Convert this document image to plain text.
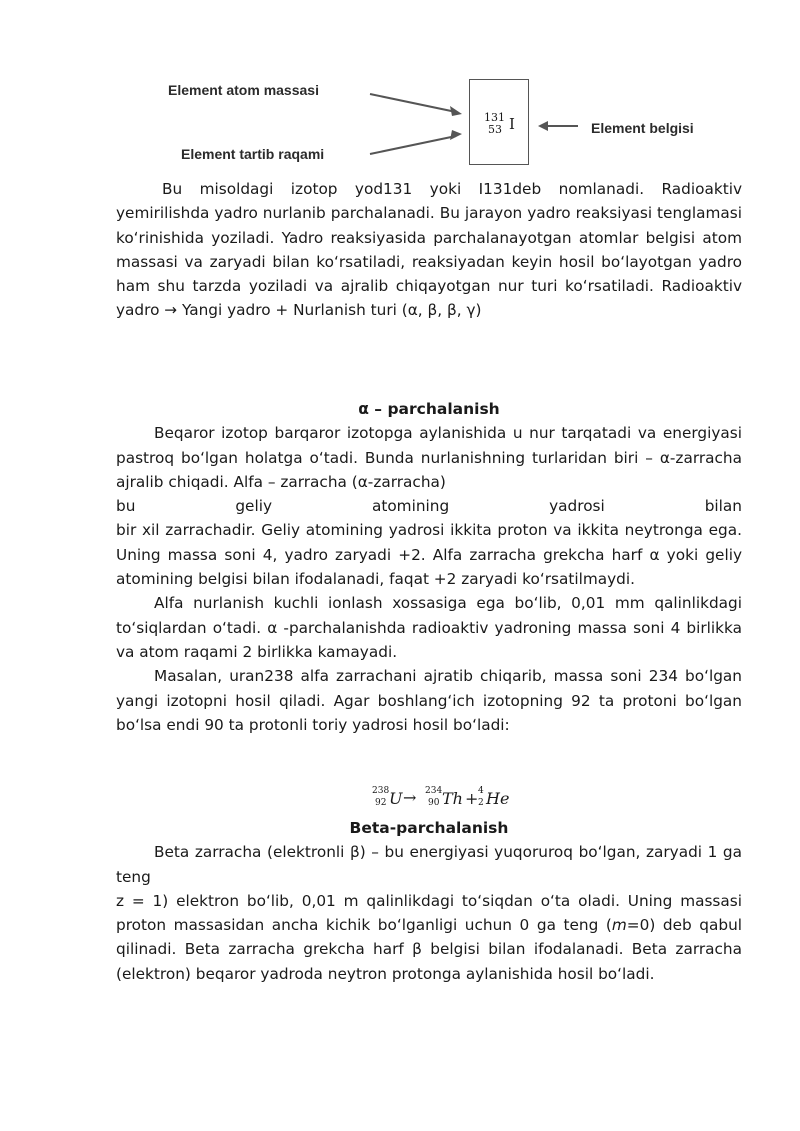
Element atom massasi
Element tartib raqami
Element belgisi
131
53 I

Bu misoldagi izotop yod131 yoki I131deb nomlanadi. Radioaktiv yemirilishda yadro nurlanib parchalanadi. Bu jarayon yadro reaksiyasi tenglamasi koʻrinishida yoziladi. Yadro reaksiyasida parchalanayotgan atomlar belgisi atom massasi va zaryadi bilan koʻrsatiladi, reaksiyadan keyin hosil boʻlayotgan yadro ham shu tarzda yoziladi va ajralib chiqayotgan nur turi koʻrsatiladi. Radioaktiv yadro → Yangi yadro + Nurlanish turi (α, β, β, γ)

α – parchalanish

Beqaror izotop barqaror izotopga aylanishida u nur tarqatadi va energiyasi pastroq boʻlgan holatga oʻtadi. Bunda nurlanishning turlaridan biri – α-zarracha ajralib chiqadi. Alfa – zarracha (α-zarracha)

bu geliy atomining yadrosi bilan

bir xil zarrachadir. Geliy atomining yadrosi ikkita proton va ikkita neytronga ega. Uning massa soni 4, yadro zaryadi +2. Alfa zarracha grekcha harf α yoki geliy atomining belgisi bilan ifodalanadi, faqat +2 zaryadi koʻrsatilmaydi.

Alfa nurlanish kuchli ionlash xossasiga ega boʻlib, 0,01 mm qalinlikdagi toʻsiqlardan oʻtadi. α -parchalanishda radioaktiv yadroning massa soni 4 birlikka va atom raqami 2 birlikka kamayadi.

Masalan, uran238 alfa zarrachani ajratib chiqarib, massa soni 234 boʻlgan yangi izotopni hosil qiladi. Agar boshlangʻich izotopning 92 ta protoni boʻlgan boʻlsa endi 90 ta protonli toriy yadrosi hosil boʻladi:

238
92 U → 234
90 Th + 4
2 He
Beta-parchalanish

Beta zarracha (elektronli β) – bu energiyasi yuqoruroq boʻlgan, zaryadi 1 ga teng

z = 1) elektron boʻlib, 0,01 m qalinlikdagi toʻsiqdan oʻta oladi. Uning massasi proton massasidan ancha kichik boʻlganligi uchun 0 ga teng (m=0) deb qabul qilinadi. Beta zarracha grekcha harf β belgisi bilan ifodalanadi. Beta zarracha (elektron) beqaror yadroda neytron protonga aylanishida hosil boʻladi.
